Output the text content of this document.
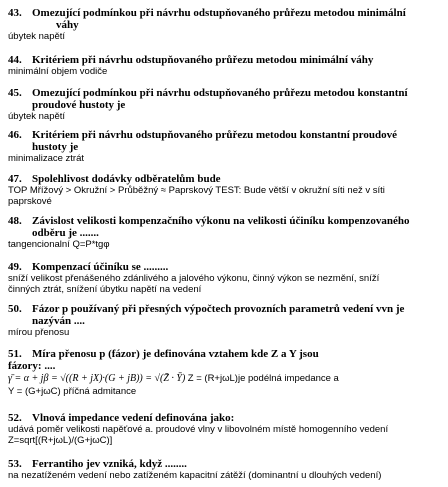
43. Omezující podmínkou při návrhu odstupňovaného průřezu metodou minimální
váhy
úbytek napětí
44. Kritériem při návrhu odstupňovaného průřezu metodou minimální váhy
minimální objem vodiče
45. Omezující podmínkou při návrhu odstupňovaného průřezu metodou konstantní
proudové hustoty je
úbytek napětí
46. Kritériem při návrhu odstupňovaného průřezu metodou konstantní proudové
hustoty je
minimalizace ztrát
47. Spolehlivost dodávky odběratelům bude
TOP Mřížový > Okružní > Průběžný ≈ Paprskový TEST: Bude větší v okružní síti než v síti
paprskové
48. Závislost velikosti kompenzačního výkonu na velikosti účiníku kompenzovaného
odběru je .......
tangencionalní Q=P*tgφ
49. Kompenzací účiníku se .........
sníží velikost přenášeného zdánlivého a jalového výkonu, činný výkon se nezmění, sníží
činných ztrát, snížení úbytku napětí na vedení
50. Fázor p používaný při přesných výpočtech provozních parametrů vedení vvn je
nazýván ....
mírou přenosu
51. Míra přenosu p (fázor) je definována vztahem kde Z a Y jsou
fázory: ....
γ̄ = α + jβ = √((R + jX)·(G + jB)) = √(Z̄ · Ȳ) Z = (R+jωL)je podélná impedance a
Y = (G+jωC) příčná admitance
52. Vlnová impedance vedení definována jako:
udává poměr velikosti napěťové a. proudové vlny v libovolném místě homogenního vedení
Z=sqrt[(R+jωL)/(G+jωC)]
53. Ferrantiho jev vzniká, když ........
na nezatíženém vedení nebo zatíženém kapacitní zátěží (dominantní u dlouhých vedení)
